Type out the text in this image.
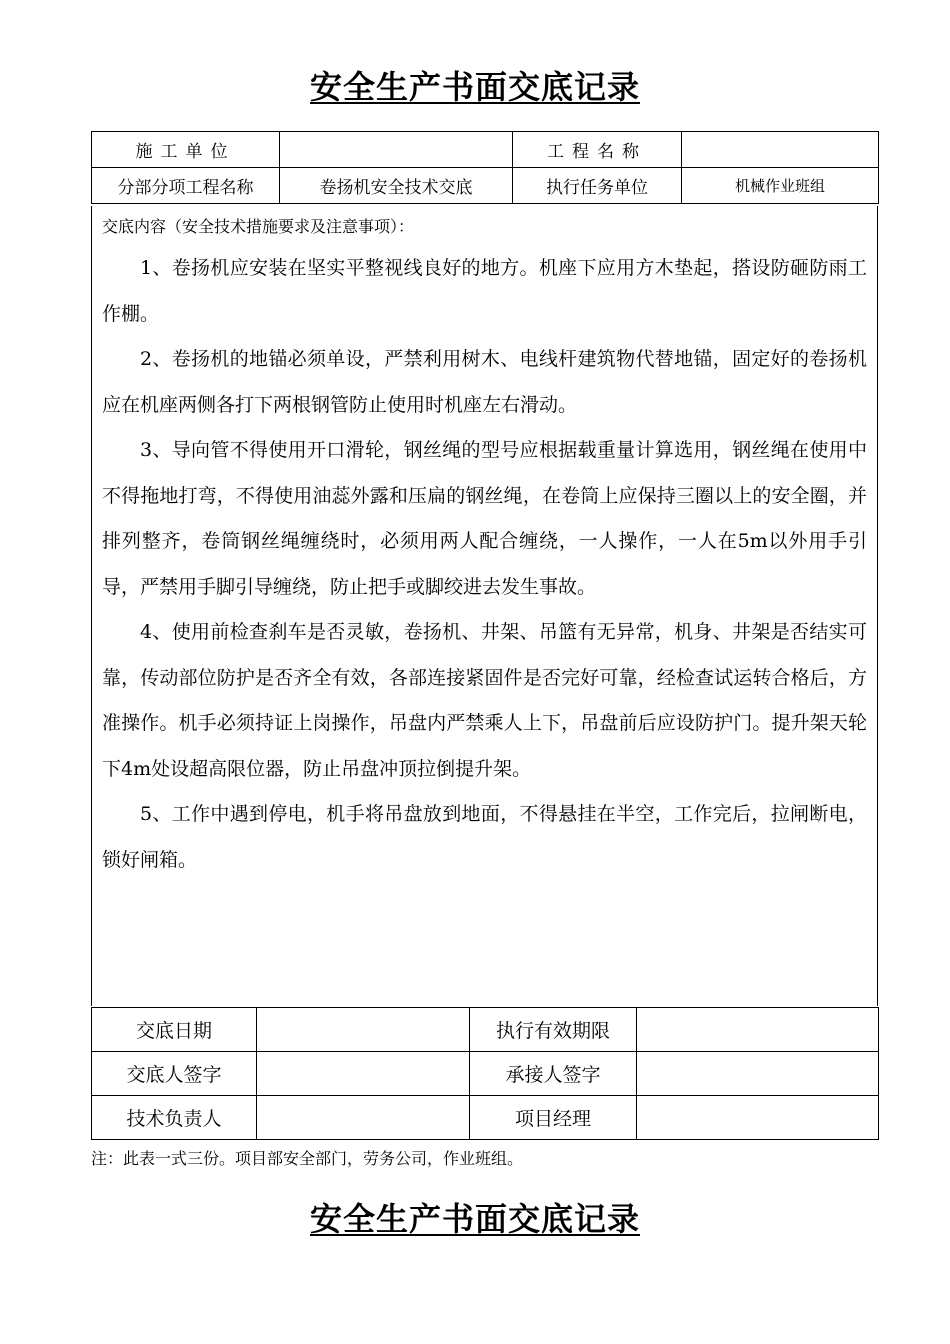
安全生产书面交底记录
施工单位		工程名称	
分部分项工程名称	卷扬机安全技术交底	执行任务单位	机械作业班组
交底内容（安全技术措施要求及注意事项）：

1、卷扬机应安装在坚实平整视线良好的地方。机座下应用方木垫起，搭设防砸防雨工作棚。

2、卷扬机的地锚必须单设，严禁利用树木、电线杆建筑物代替地锚，固定好的卷扬机应在机座两侧各打下两根钢管防止使用时机座左右滑动。

3、导向管不得使用开口滑轮，钢丝绳的型号应根据载重量计算选用，钢丝绳在使用中不得拖地打弯，不得使用油蕊外露和压扁的钢丝绳，在卷筒上应保持三圈以上的安全圈，并排列整齐，卷筒钢丝绳缠绕时，必须用两人配合缠绕，一人操作，一人在5m以外用手引导，严禁用手脚引导缠绕，防止把手或脚绞进去发生事故。

4、使用前检查刹车是否灵敏，卷扬机、井架、吊篮有无异常，机身、井架是否结实可靠，传动部位防护是否齐全有效，各部连接紧固件是否完好可靠，经检查试运转合格后，方准操作。机手必须持证上岗操作，吊盘内严禁乘人上下，吊盘前后应设防护门。提升架天轮下4m处设超高限位器，防止吊盘冲顶拉倒提升架。

5、工作中遇到停电，机手将吊盘放到地面，不得悬挂在半空，工作完后，拉闸断电，锁好闸箱。

交底日期		执行有效期限	
交底人签字		承接人签字	
技术负责人		项目经理	
注：此表一式三份。项目部安全部门，劳务公司，作业班组。
安全生产书面交底记录
